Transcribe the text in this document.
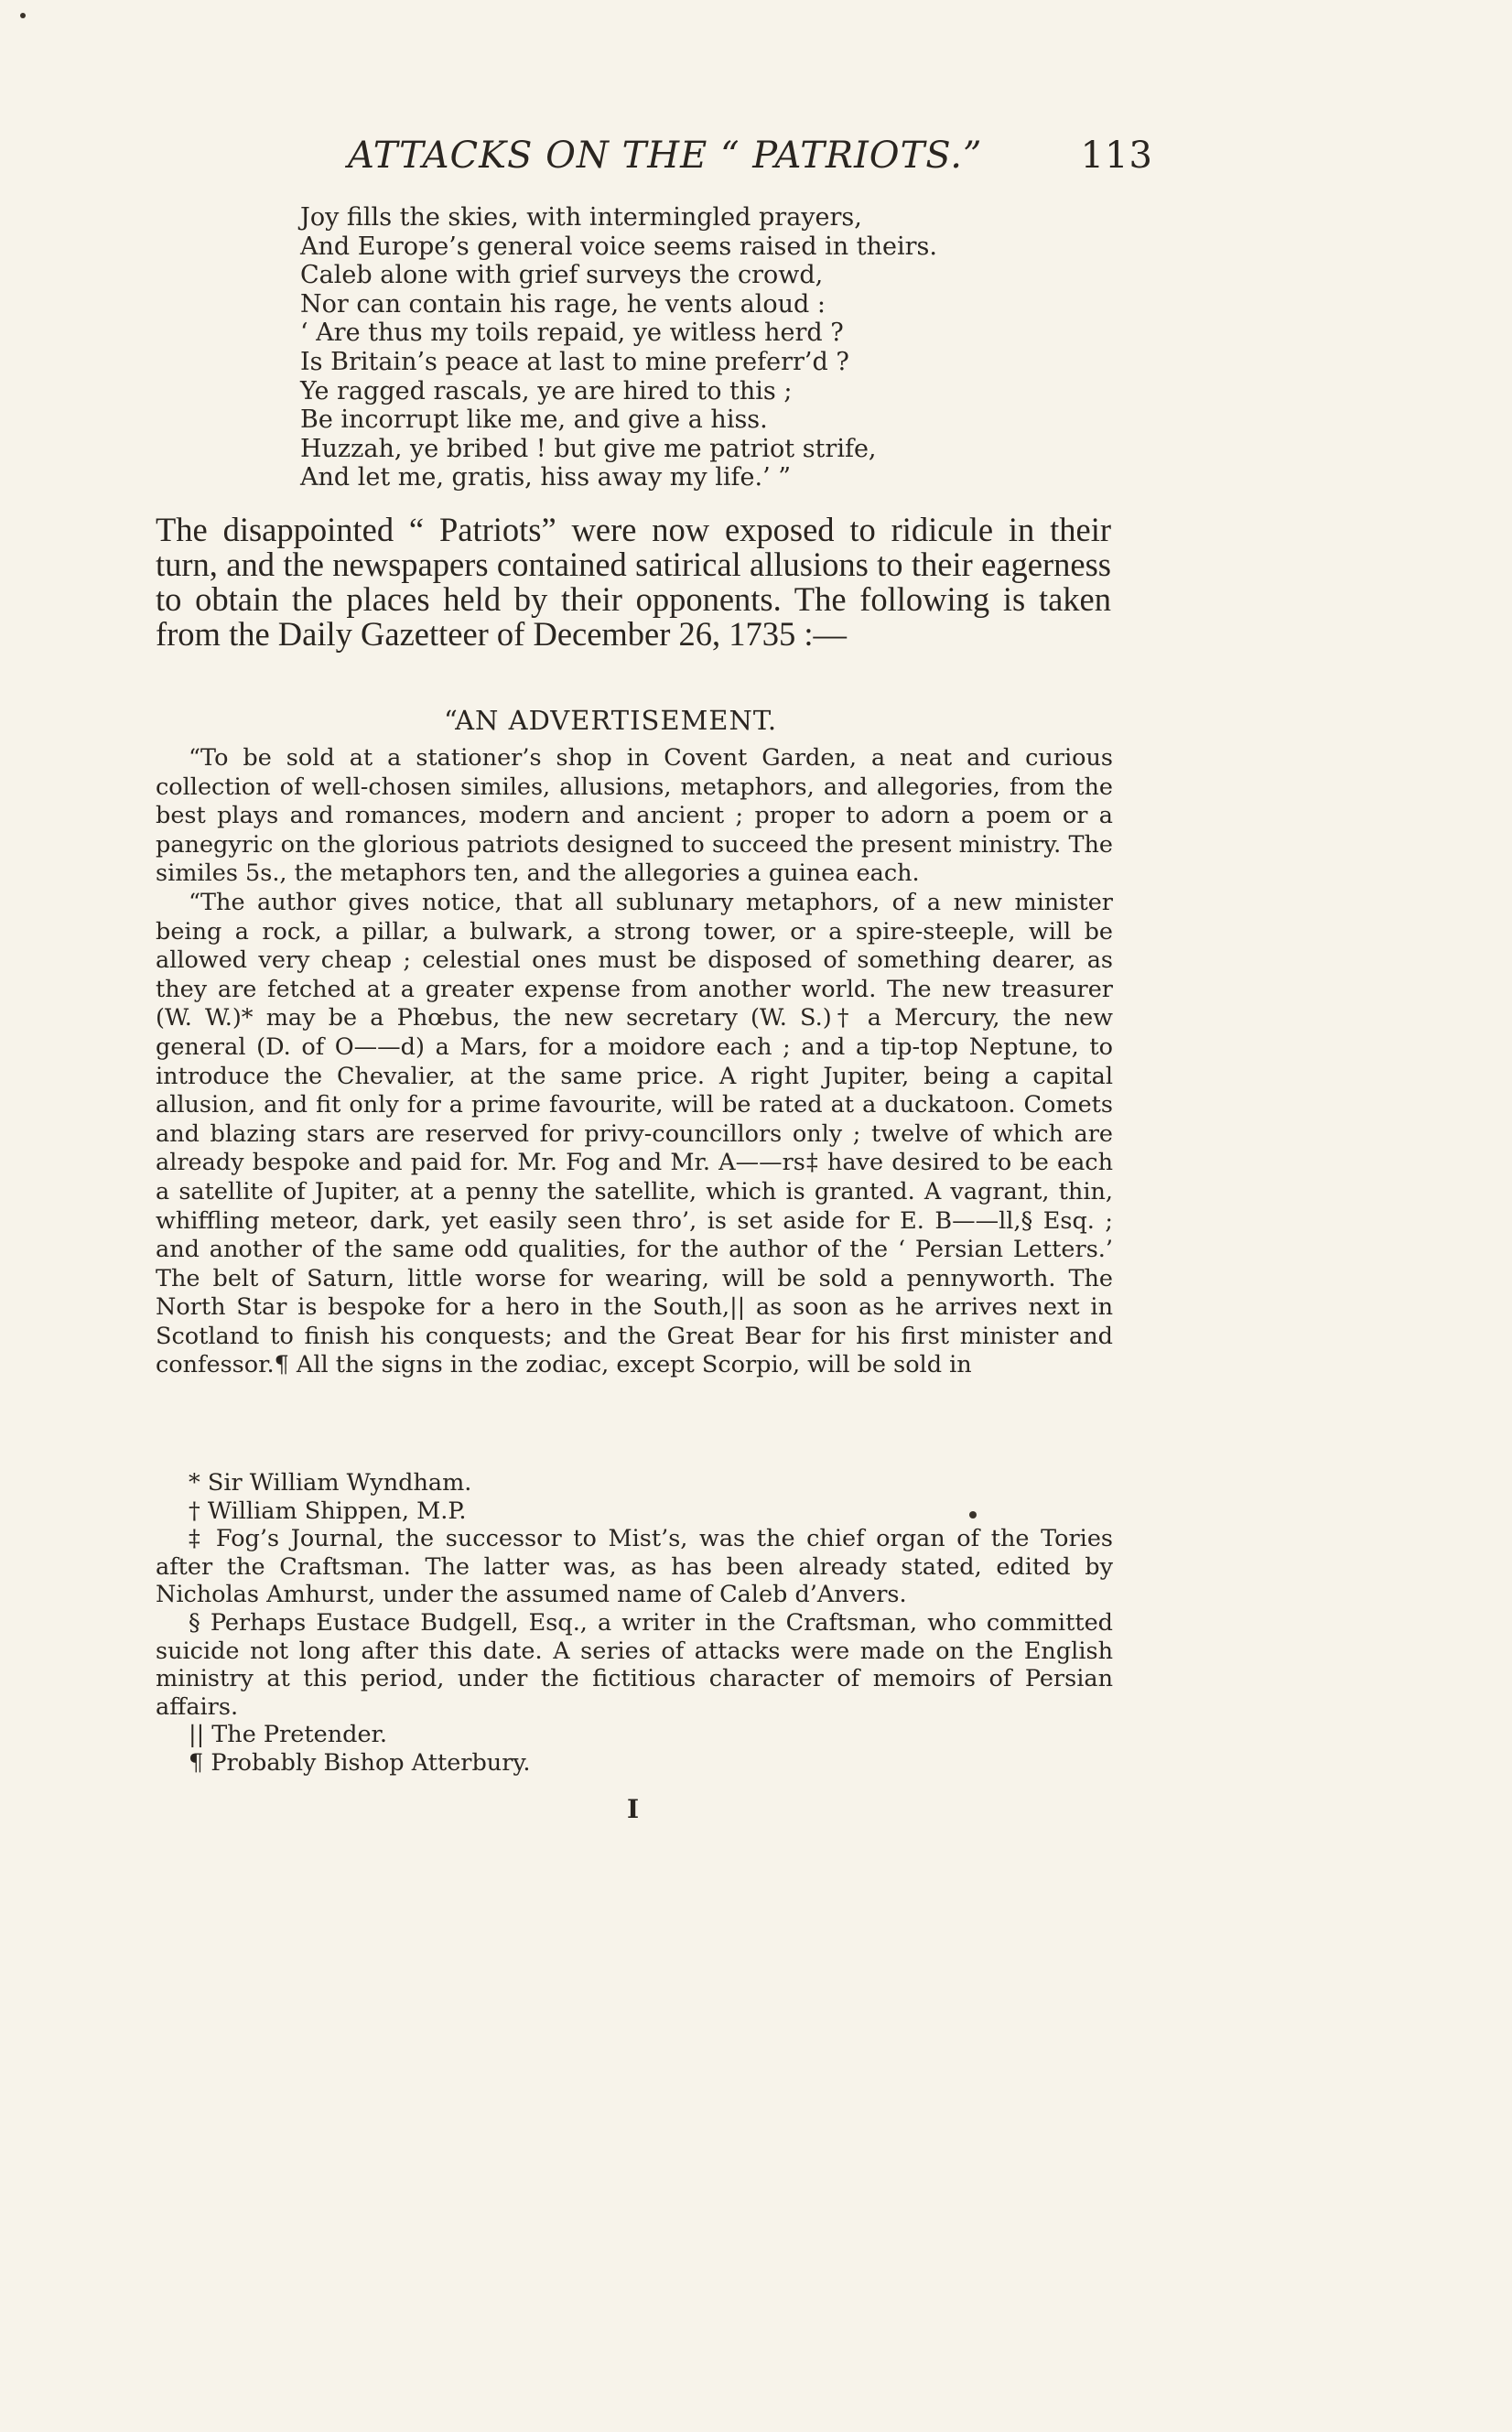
ATTACKS ON THE “ PATRIOTS.”	113
Joy fills the skies, with intermingled prayers,
And Europe’s general voice seems raised in theirs.
Caleb alone with grief surveys the crowd,
Nor can contain his rage, he vents aloud :
‘ Are thus my toils repaid, ye witless herd ?
Is Britain’s peace at last to mine preferr’d ?
Ye ragged rascals, ye are hired to this ;
Be incorrupt like me, and give a hiss.
Huzzah, ye bribed ! but give me patriot strife,
And let me, gratis, hiss away my life.’ ”

The disappointed “ Patriots” were now exposed to ridicule in their turn, and the newspapers contained satirical allusions to their eagerness to obtain the places held by their opponents. The following is taken from the Daily Gazetteer of December 26, 1735 :—

“AN ADVERTISEMENT.

“To be sold at a stationer’s shop in Covent Garden, a neat and curious collection of well-chosen similes, allusions, metaphors, and allegories, from the best plays and romances, modern and ancient ; proper to adorn a poem or a panegyric on the glorious patriots designed to succeed the present ministry. The similes 5s., the metaphors ten, and the allegories a guinea each.

“The author gives notice, that all sublunary metaphors, of a new minister being a rock, a pillar, a bulwark, a strong tower, or a spire-steeple, will be allowed very cheap ; celestial ones must be disposed of something dearer, as they are fetched at a greater expense from another world. The new treasurer (W. W.)* may be a Phœbus, the new secretary (W. S.)† a Mercury, the new general (D. of O——d) a Mars, for a moidore each ; and a tip-top Neptune, to introduce the Chevalier, at the same price. A right Jupiter, being a capital allusion, and fit only for a prime favourite, will be rated at a duckatoon. Comets and blazing stars are reserved for privy-councillors only ; twelve of which are already bespoke and paid for. Mr. Fog and Mr. A——rs‡ have desired to be each a satellite of Jupiter, at a penny the satellite, which is granted. A vagrant, thin, whiffling meteor, dark, yet easily seen thro’, is set aside for E. B——ll,§ Esq. ; and another of the same odd qualities, for the author of the ‘ Persian Letters.’ The belt of Saturn, little worse for wearing, will be sold a pennyworth. The North Star is bespoke for a hero in the South,|| as soon as he arrives next in Scotland to finish his conquests; and the Great Bear for his first minister and confessor.¶ All the signs in the zodiac, except Scorpio, will be sold in

* Sir William Wyndham.

† William Shippen, M.P.

‡ Fog’s Journal, the successor to Mist’s, was the chief organ of the Tories after the Craftsman. The latter was, as has been already stated, edited by Nicholas Amhurst, under the assumed name of Caleb d’Anvers.

§ Perhaps Eustace Budgell, Esq., a writer in the Craftsman, who committed suicide not long after this date. A series of attacks were made on the English ministry at this period, under the fictitious character of memoirs of Persian affairs.

|| The Pretender.

¶ Probably Bishop Atterbury.

I
